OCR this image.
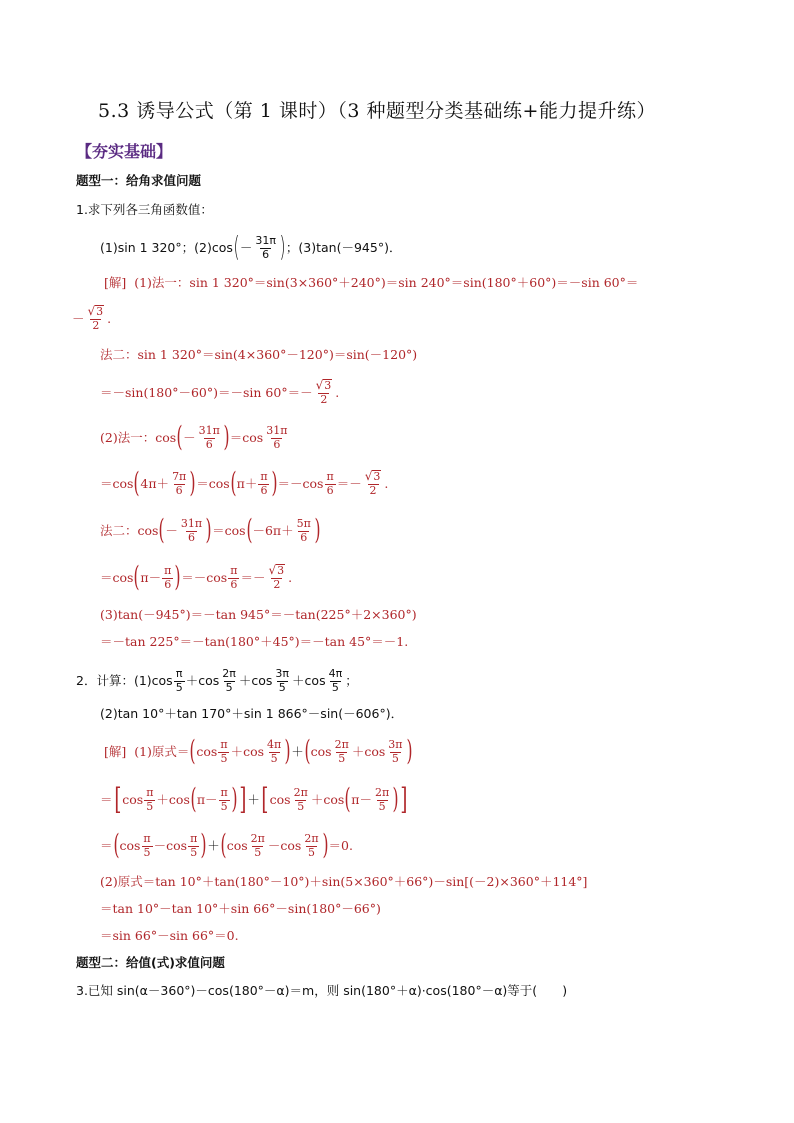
5.3 诱导公式（第 1 课时）（3 种题型分类基础练+能力提升练）
【夯实基础】
题型一：给角求值问题
1.求下列各三角函数值：
(1)sin 1 320°；(2)cos ( － $\frac{31\pi}{6}$ ) ；(3)tan(－945°)．
[解]
(1)法一：sin 1 320°＝sin(3×360°＋240°)＝sin 240°＝sin(180°＋60°)＝－sin 60°＝
－ $\frac{√ 3}{2}$ .
法二：sin 1 320°＝sin(4×360°－120°)＝sin(－120°)
＝－sin(180°－60°)＝－sin $60^\circ=- \frac{√ 3}{2}$ .
(2)法一：cos ( － $\frac{31\pi}{6}$ ) $=\cos \frac{31\pi}{6}$
＝cos ( $4\pi+ \frac{7\pi}{6}$ ) ＝cos ( $\pi+ \frac{\pi}{6}$ ) $=-\cos \frac{\pi}{6} =- \frac{√ 3}{2}$ .
法二：cos ( － $\frac{31\pi}{6}$ ) ＝cos ( $-6\pi+ \frac{5\pi}{6}$ )
＝cos ( $\pi- \frac{\pi}{6}$ ) $=-\cos \frac{\pi}{6} =- \frac{√ 3}{2}$ .
(3)tan(－945°)＝－tan 945°＝－tan(225°＋2×360°)
＝－tan 225°＝－tan(180°＋45°)＝－tan 45°＝－1.
2．计算：$(1)\cos \frac{\pi}{5} +\cos \frac{2\pi}{5} +\cos \frac{3\pi}{5} +\cos \frac{4\pi}{5}$ ；
(2)tan 10°＋tan 170°＋sin 1 866°－sin(－606°)．
[解]
(1)原式＝ ( $\cos \frac{\pi}{5} +\cos \frac{4\pi}{5}$ ) ＋ ( $\cos \frac{2\pi}{5} +\cos \frac{3\pi}{5}$ )
＝ [ $\cos \frac{\pi}{5} +\cos$ ( $\pi- \frac{\pi}{5}$ ) ] ＋ [ $\cos \frac{2\pi}{5} +\cos$ ( $\pi- \frac{2\pi}{5}$ ) ]
＝ ( $\cos \frac{\pi}{5} -\cos \frac{\pi}{5}$ ) ＋ ( $\cos \frac{2\pi}{5} -\cos \frac{2\pi}{5}$ ) ＝0.
(2)原式＝tan 10°＋tan(180°－10°)＋sin(5×360°＋66°)－sin[(－2)×360°＋114°]
＝tan 10°－tan 10°＋sin 66°－sin(180°－66°)
＝sin 66°－sin 66°＝0.
题型二：给值(式)求值问题
3.已知 sin(α－360°)－cos(180°－α)＝m，则 sin(180°＋α)·cos(180°－α)等于(　　)
